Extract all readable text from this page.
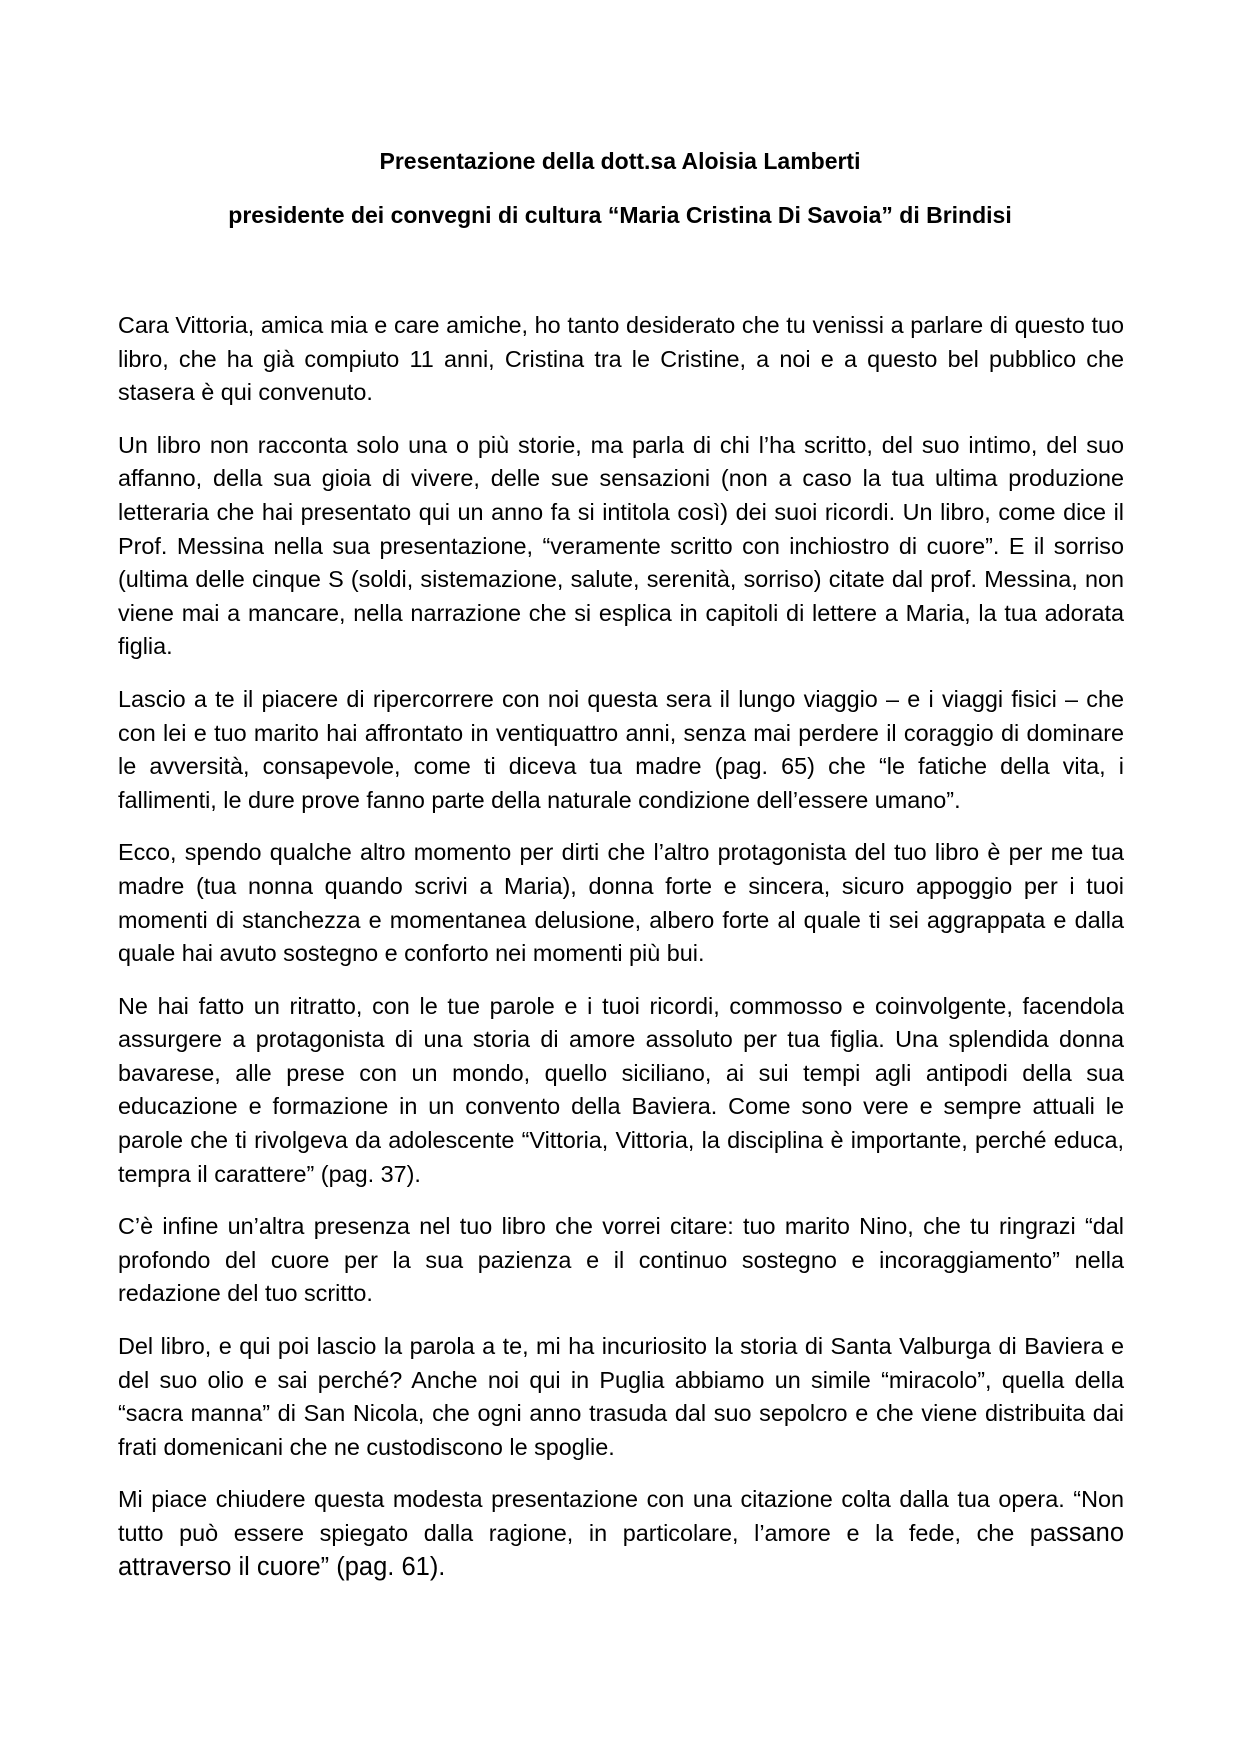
Presentazione della dott.sa Aloisia Lamberti
presidente dei convegni di cultura “Maria Cristina Di Savoia” di Brindisi

Cara Vittoria, amica mia e care amiche, ho tanto desiderato che tu venissi a parlare di questo tuo libro, che ha già compiuto 11 anni, Cristina tra le Cristine, a noi e a questo bel pubblico che stasera è qui convenuto.

Un libro non racconta solo una o più storie, ma parla di chi l’ha scritto, del suo intimo, del suo affanno, della sua gioia di vivere, delle sue sensazioni (non a caso la tua ultima produzione letteraria che hai presentato qui un anno fa si intitola così) dei suoi ricordi. Un libro, come dice il Prof. Messina nella sua presentazione, “veramente scritto con inchiostro di cuore”. E il sorriso (ultima delle cinque S (soldi, sistemazione, salute, serenità, sorriso) citate dal prof. Messina, non viene mai a mancare, nella narrazione che si esplica in capitoli di lettere a Maria, la tua adorata figlia.

Lascio a te il piacere di ripercorrere con noi questa sera il lungo viaggio – e i viaggi fisici – che con lei e tuo marito hai affrontato in ventiquattro anni, senza mai perdere il coraggio di dominare le avversità, consapevole, come ti diceva tua madre (pag. 65) che “le fatiche della vita, i fallimenti, le dure prove fanno parte della naturale condizione dell’essere umano”.

Ecco, spendo qualche altro momento per dirti che l’altro protagonista del tuo libro è per me tua madre (tua nonna quando scrivi a Maria), donna forte e sincera, sicuro appoggio per i tuoi momenti di stanchezza e momentanea delusione, albero forte al quale ti sei aggrappata e dalla quale hai avuto sostegno e conforto nei momenti più bui.

Ne hai fatto un ritratto, con le tue parole e i tuoi ricordi, commosso e coinvolgente, facendola assurgere a protagonista di una storia di amore assoluto per tua figlia. Una splendida donna bavarese, alle prese con un mondo, quello siciliano, ai sui tempi agli antipodi della sua educazione e formazione in un convento della Baviera. Come sono vere e sempre attuali le parole che ti rivolgeva da adolescente “Vittoria, Vittoria, la disciplina è importante, perché educa, tempra il carattere” (pag. 37).

C’è infine un’altra presenza nel tuo libro che vorrei citare: tuo marito Nino, che tu ringrazi “dal profondo del cuore per la sua pazienza e il continuo sostegno e incoraggiamento” nella redazione del tuo scritto.

Del libro, e qui poi lascio la parola a te, mi ha incuriosito la storia di Santa Valburga di Baviera e del suo olio e sai perché? Anche noi qui in Puglia abbiamo un simile “miracolo”, quella della “sacra manna” di San Nicola, che ogni anno trasuda dal suo sepolcro e che viene distribuita dai frati domenicani che ne custodiscono le spoglie.

Mi piace chiudere questa modesta presentazione con una citazione colta dalla tua opera. “Non tutto può essere spiegato dalla ragione, in particolare, l’amore e la fede, che passano attraverso il cuore” (pag. 61).
